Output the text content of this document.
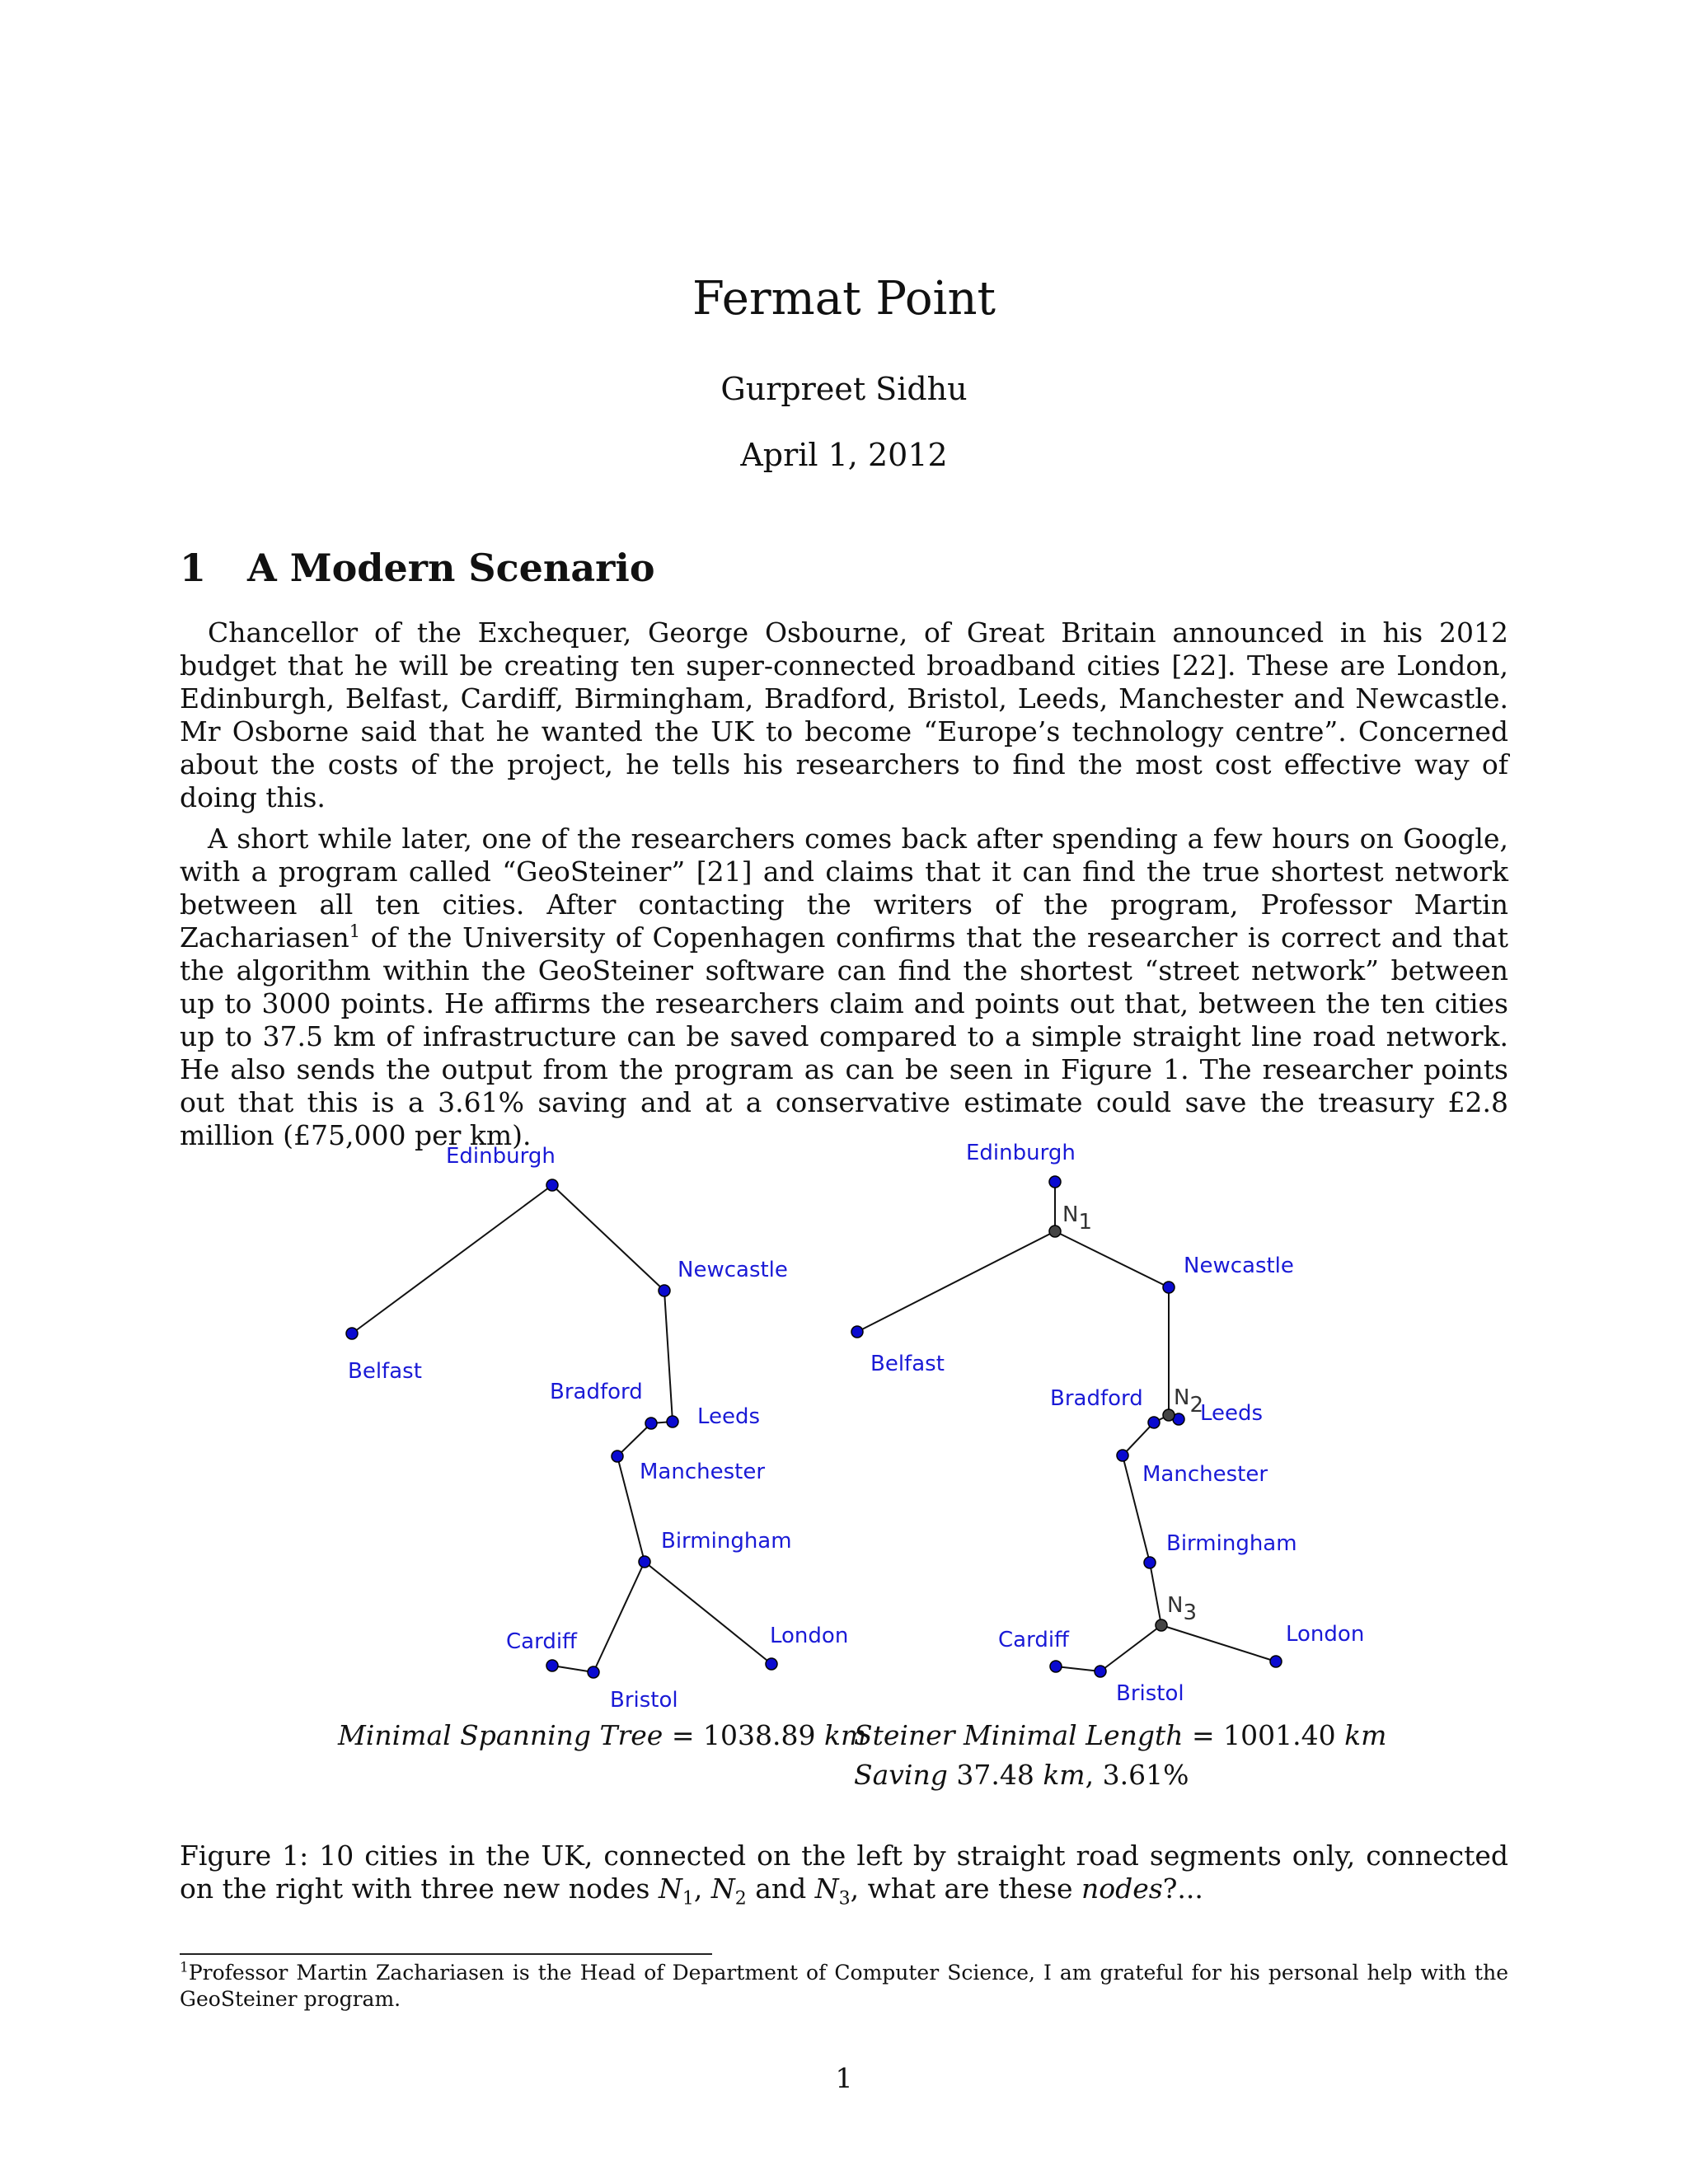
Fermat Point
Gurpreet Sidhu
April 1, 2012
1 A Modern Scenario
Chancellor of the Exchequer, George Osbourne, of Great Britain announced in his 2012 budget that he will be creating ten super-connected broadband cities [22]. These are London, Edinburgh, Belfast, Cardiff, Birmingham, Bradford, Bristol, Leeds, Manchester and Newcastle. Mr Osborne said that he wanted the UK to become “Europe’s technology centre”. Concerned about the costs of the project, he tells his researchers to find the most cost effective way of doing this.
A short while later, one of the researchers comes back after spending a few hours on Google, with a program called “GeoSteiner” [21] and claims that it can find the true shortest network between all ten cities. After contacting the writers of the program, Professor Martin Zachariasen$^1$ of the University of Copenhagen confirms that the researcher is correct and that the algorithm within the GeoSteiner software can find the shortest “street network” between up to 3000 points. He affirms the researchers claim and points out that, between the ten cities up to 37.5 km of infrastructure can be saved compared to a simple straight line road network. He also sends the output from the program as can be seen in Figure 1. The researcher points out that this is a 3.61% saving and at a conservative estimate could save the treasury £2.8 million (£75,000 per km).
Edinburgh
Newcastle
Belfast
Bradford
Leeds
Manchester
Birmingham
Cardiff	London
Bristol
Edinburgh
Newcastle
Belfast
Bradford
Leeds
Manchester
Birmingham
Cardiff	London
Bristol
N1
N2
N3
Minimal Spanning Tree = 1038.89 km
Steiner Minimal Length = 1001.40 km
Saving 37.48 km, 3.61%
Figure 1: 10 cities in the UK, connected on the left by straight road segments only, connected on the right with three new nodes $N_1$, $N_2$ and $N_3$, what are these nodes?...
$^1$Professor Martin Zachariasen is the Head of Department of Computer Science, I am grateful for his personal help with the GeoSteiner program.
1
